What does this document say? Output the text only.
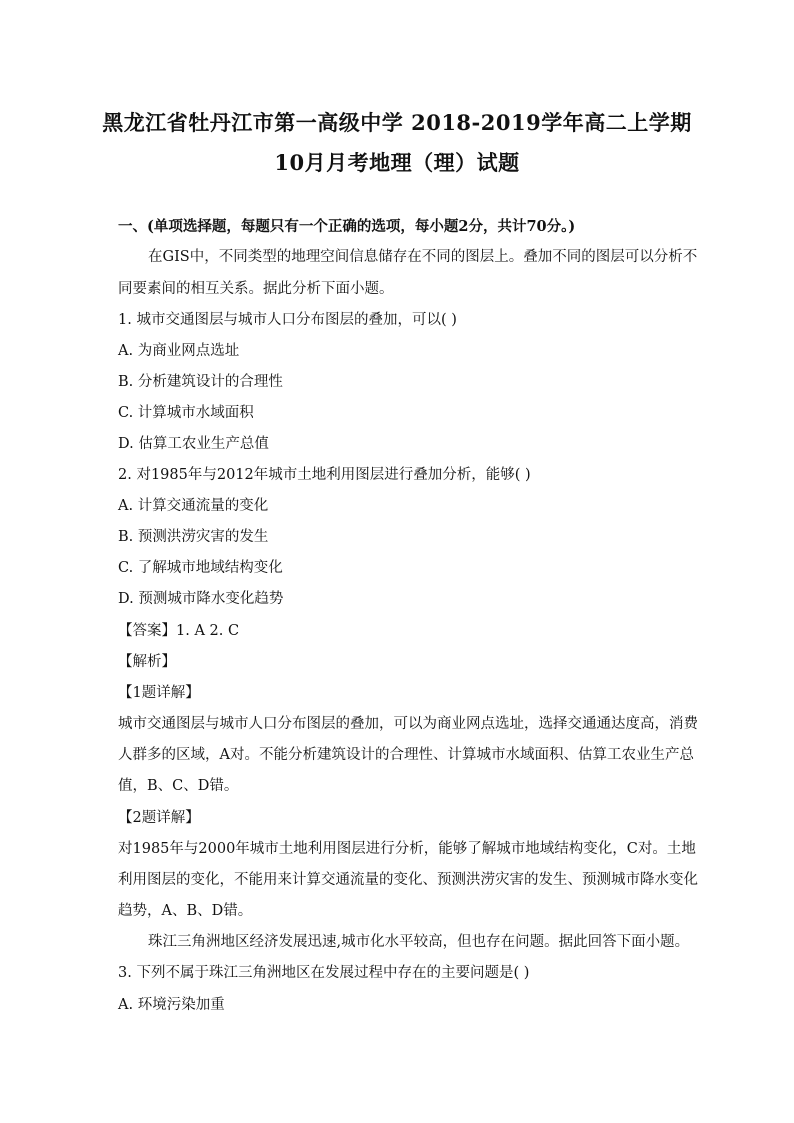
黑龙江省牡丹江市第一高级中学 2018-2019学年高二上学期
10月月考地理（理）试题
一、(单项选择题，每题只有一个正确的选项，每小题2分，共计70分。)
在GIS中，不同类型的地理空间信息储存在不同的图层上。叠加不同的图层可以分析不
同要素间的相互关系。据此分析下面小题。
1. 城市交通图层与城市人口分布图层的叠加，可以( )
A. 为商业网点选址
B. 分析建筑设计的合理性
C. 计算城市水域面积
D. 估算工农业生产总值
2. 对1985年与2012年城市土地利用图层进行叠加分析，能够( )
A. 计算交通流量的变化
B. 预测洪涝灾害的发生
C. 了解城市地域结构变化
D. 预测城市降水变化趋势
【答案】1. A 2. C
【解析】
【1题详解】
城市交通图层与城市人口分布图层的叠加，可以为商业网点选址，选择交通通达度高，消费
人群多的区域，A对。不能分析建筑设计的合理性、计算城市水域面积、估算工农业生产总
值，B、C、D错。
【2题详解】
对1985年与2000年城市土地利用图层进行分析，能够了解城市地域结构变化，C对。土地
利用图层的变化，不能用来计算交通流量的变化、预测洪涝灾害的发生、预测城市降水变化
趋势，A、B、D错。
珠江三角洲地区经济发展迅速,城市化水平较高，但也存在问题。据此回答下面小题。
3. 下列不属于珠江三角洲地区在发展过程中存在的主要问题是( )
A. 环境污染加重
